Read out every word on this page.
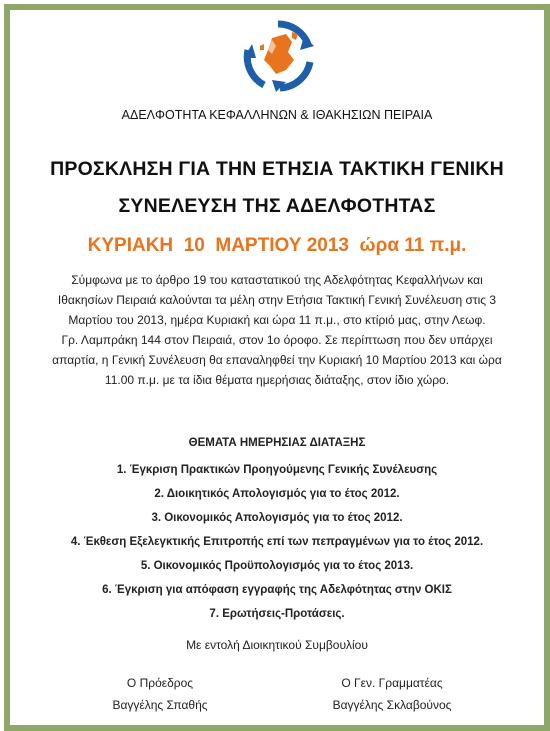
ΑΔΕΛΦΟΤΗΤΑ ΚΕΦΑΛΛΗΝΩΝ & ΙΘΑΚΗΣΙΩΝ ΠΕΙΡΑΙΑ
ΠΡΟΣΚΛΗΣΗ ΓΙΑ ΤΗΝ ΕΤΗΣΙΑ ΤΑΚΤΙΚΗ ΓΕΝΙΚΗ
ΣΥΝΕΛΕΥΣΗ ΤΗΣ ΑΔΕΛΦΟΤΗΤΑΣ
ΚΥΡΙΑΚΗ  10  ΜΑΡΤΙΟΥ 2013  ώρα 11 π.μ.
Σύμφωνα με το άρθρο 19 του καταστατικού της Αδελφότητας Κεφαλλήνων και
Ιθακησίων Πειραιά καλούνται τα μέλη στην Ετήσια Τακτική Γενική Συνέλευση στις 3
Μαρτίου του 2013, ημέρα Κυριακή και ώρα 11 π.μ., στο κτίριό μας, στην Λεωφ.
Γρ. Λαμπράκη 144 στον Πειραιά, στον 1ο όροφο. Σε περίπτωση που δεν υπάρχει
απαρτία, η Γενική Συνέλευση θα επαναληφθεί την Κυριακή 10 Μαρτίου 2013 και ώρα
11.00 π.μ. με τα ίδια θέματα ημερήσιας διάταξης, στον ίδιο χώρο.
ΘΕΜΑΤΑ ΗΜΕΡΗΣΙΑΣ ΔΙΑΤΑΞΗΣ
1. Έγκριση Πρακτικών Προηγούμενης Γενικής Συνέλευσης
2. Διοικητικός Απολογισμός για το έτος 2012.
3. Οικονομικός Απολογισμός για το έτος 2012.
4. Έκθεση Εξελεγκτικής Επιτροπής επί των πεπραγμένων για το έτος 2012.
5. Οικονομικός Προϋπολογισμός για το έτος 2013.
6. Έγκριση για απόφαση εγγραφής της Αδελφότητας στην ΟΚΙΣ
7. Ερωτήσεις-Προτάσεις.
Με εντολή Διοικητικού Συμβουλίου
Ο Πρόεδρος
Βαγγέλης Σπαθής
Ο Γεν. Γραμματέας
Βαγγέλης Σκλαβούνος
